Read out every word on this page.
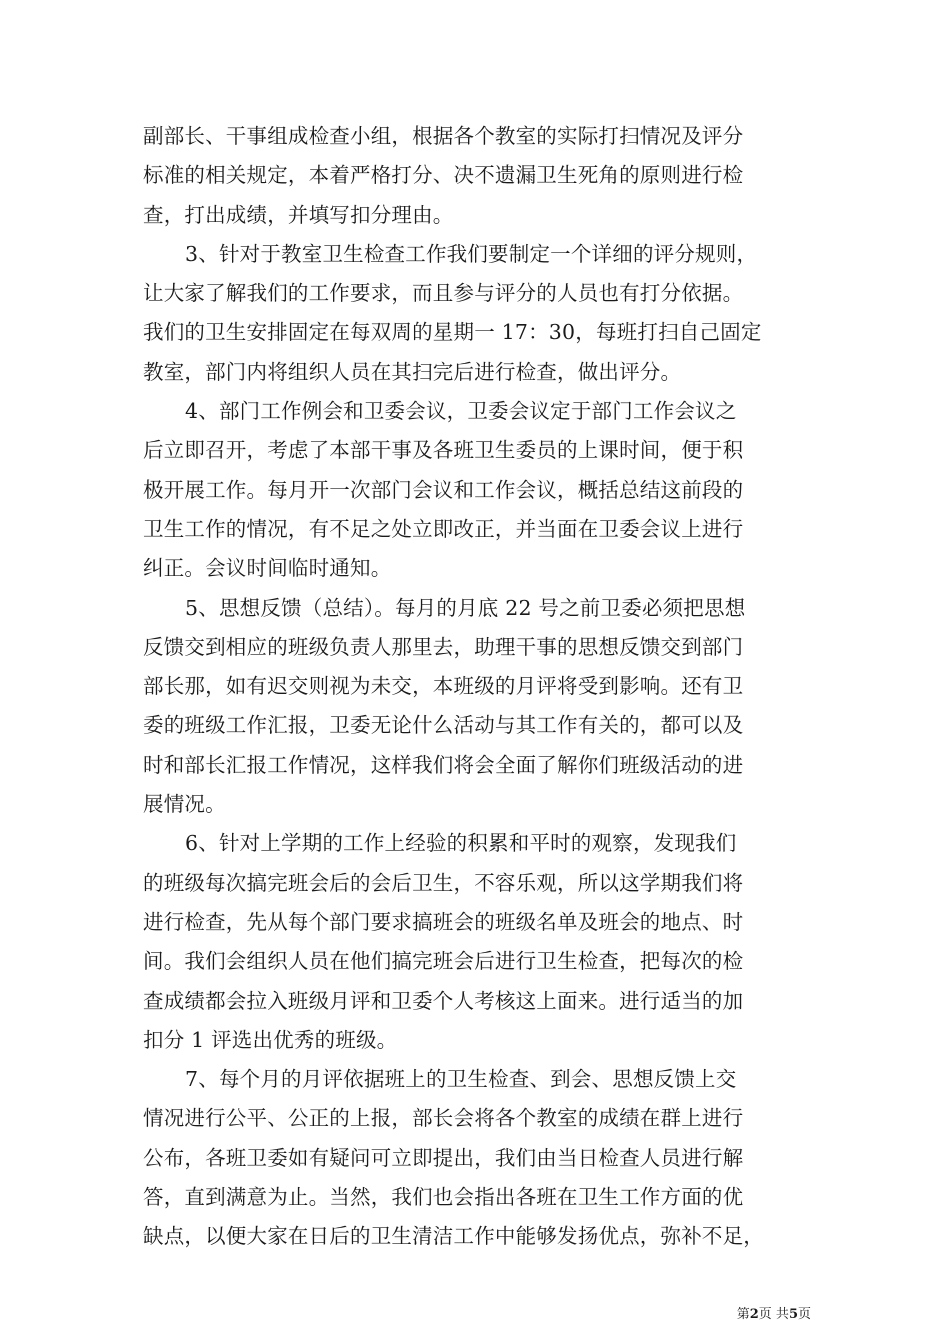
副部长、干事组成检查小组，根据各个教室的实际打扫情况及评分
标准的相关规定，本着严格打分、决不遗漏卫生死角的原则进行检
查，打出成绩，并填写扣分理由。
3、针对于教室卫生检查工作我们要制定一个详细的评分规则，
让大家了解我们的工作要求，而且参与评分的人员也有打分依据。
我们的卫生安排固定在每双周的星期一 17：30，每班打扫自己固定
教室，部门内将组织人员在其扫完后进行检查，做出评分。
4、部门工作例会和卫委会议，卫委会议定于部门工作会议之
后立即召开，考虑了本部干事及各班卫生委员的上课时间，便于积
极开展工作。每月开一次部门会议和工作会议，概括总结这前段的
卫生工作的情况，有不足之处立即改正，并当面在卫委会议上进行
纠正。会议时间临时通知。
5、思想反馈（总结）。每月的月底 22 号之前卫委必须把思想
反馈交到相应的班级负责人那里去，助理干事的思想反馈交到部门
部长那，如有迟交则视为未交，本班级的月评将受到影响。还有卫
委的班级工作汇报，卫委无论什么活动与其工作有关的，都可以及
时和部长汇报工作情况，这样我们将会全面了解你们班级活动的进
展情况。
6、针对上学期的工作上经验的积累和平时的观察，发现我们
的班级每次搞完班会后的会后卫生，不容乐观，所以这学期我们将
进行检查，先从每个部门要求搞班会的班级名单及班会的地点、时
间。我们会组织人员在他们搞完班会后进行卫生检查，把每次的检
查成绩都会拉入班级月评和卫委个人考核这上面来。进行适当的加
扣分 1 评选出优秀的班级。
7、每个月的月评依据班上的卫生检查、到会、思想反馈上交
情况进行公平、公正的上报，部长会将各个教室的成绩在群上进行
公布，各班卫委如有疑问可立即提出，我们由当日检查人员进行解
答，直到满意为止。当然，我们也会指出各班在卫生工作方面的优
缺点，以便大家在日后的卫生清洁工作中能够发扬优点，弥补不足，
第2页 共5页
